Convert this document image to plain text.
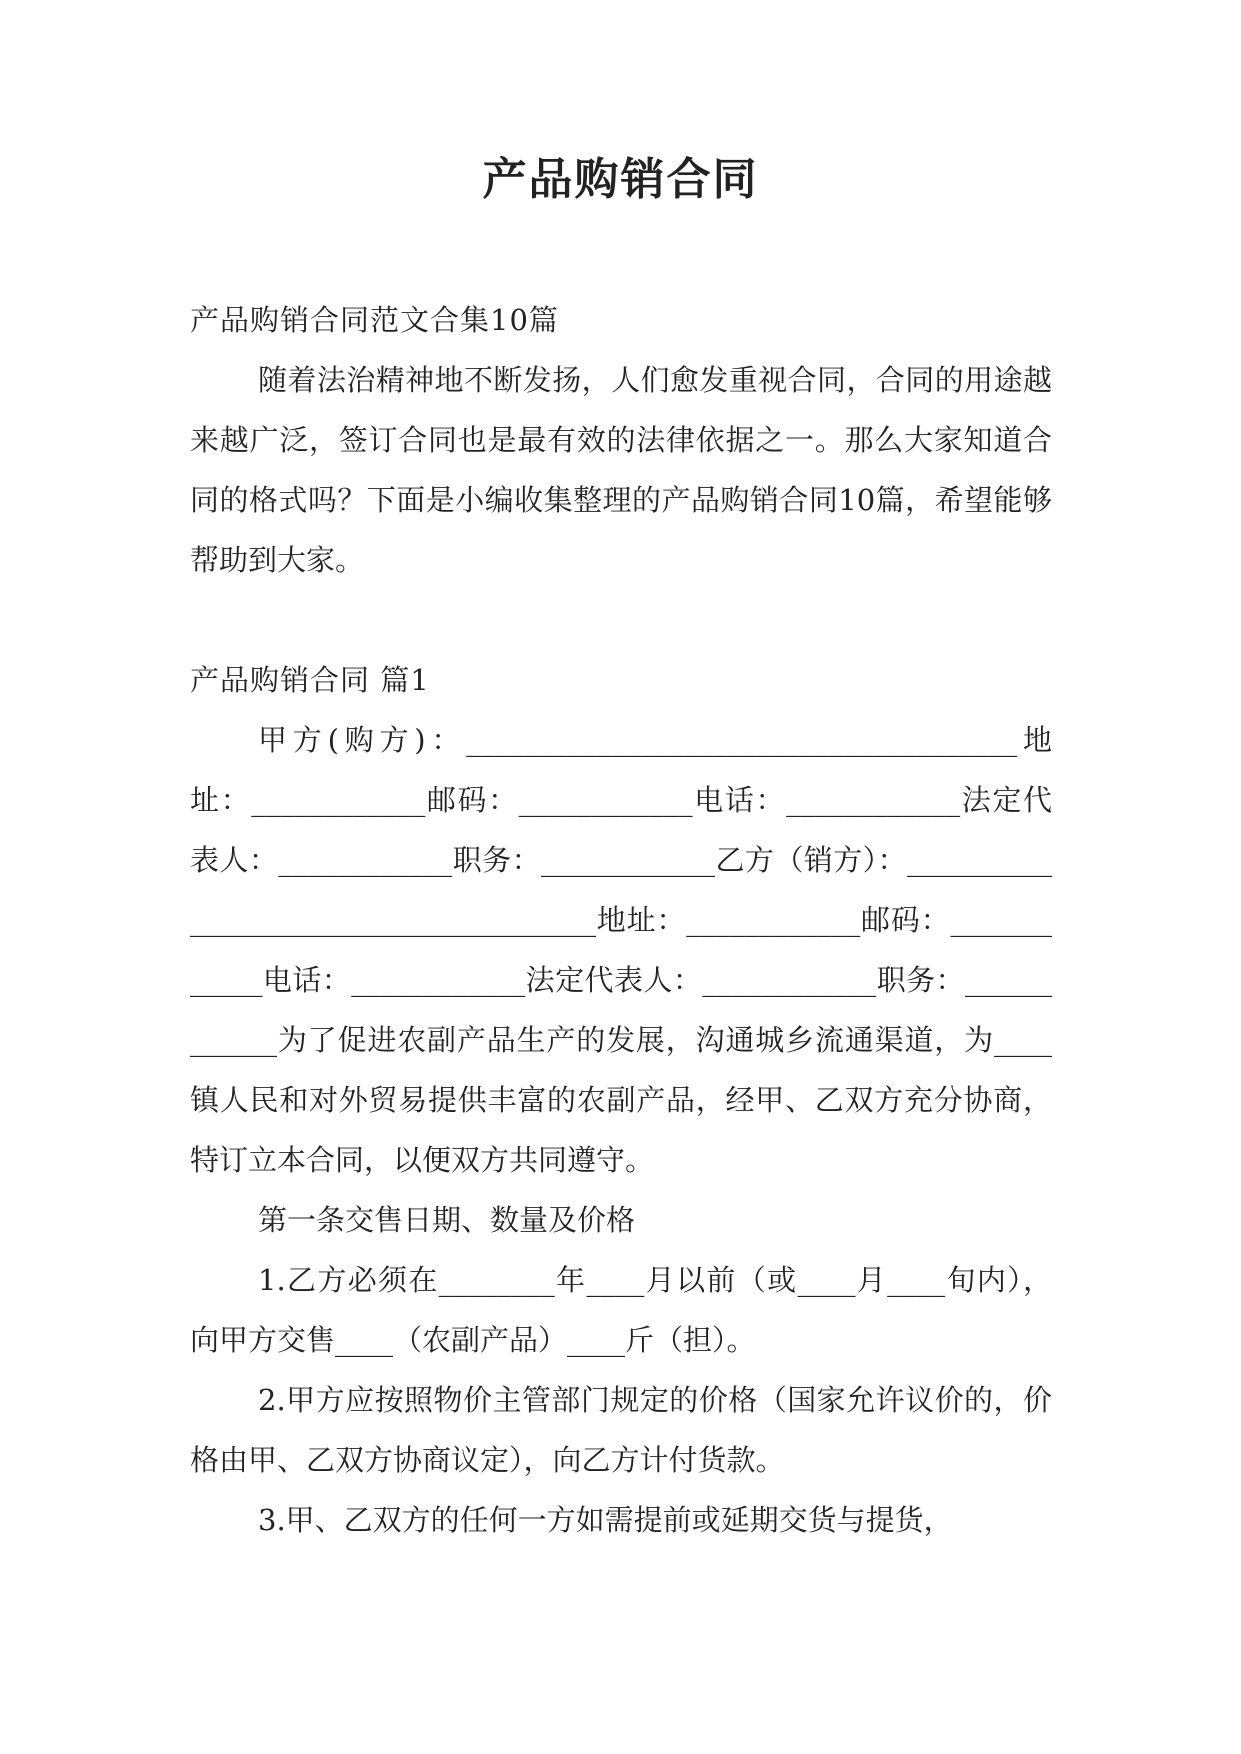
产品购销合同

产品购销合同范文合集10篇

随着法治精神地不断发扬，人们愈发重视合同，合同的用途越来越广泛，签订合同也是最有效的法律依据之一。那么大家知道合同的格式吗？下面是小编收集整理的产品购销合同10篇，希望能够帮助到大家。

产品购销合同 篇1

甲方(购方)：______________________________________地址：____________邮码：____________电话：____________法定代表人：____________职务：____________乙方（销方）：______________________________________地址：____________邮码：____________电话：____________法定代表人：____________职务：____________为了促进农副产品生产的发展，沟通城乡流通渠道，为____镇人民和对外贸易提供丰富的农副产品，经甲、乙双方充分协商，特订立本合同，以便双方共同遵守。

第一条交售日期、数量及价格

1.乙方必须在________年____月以前（或____月____旬内），向甲方交售____（农副产品）____斤（担）。

2.甲方应按照物价主管部门规定的价格（国家允许议价的，价格由甲、乙双方协商议定），向乙方计付货款。

3.甲、乙双方的任何一方如需提前或延期交货与提货，
